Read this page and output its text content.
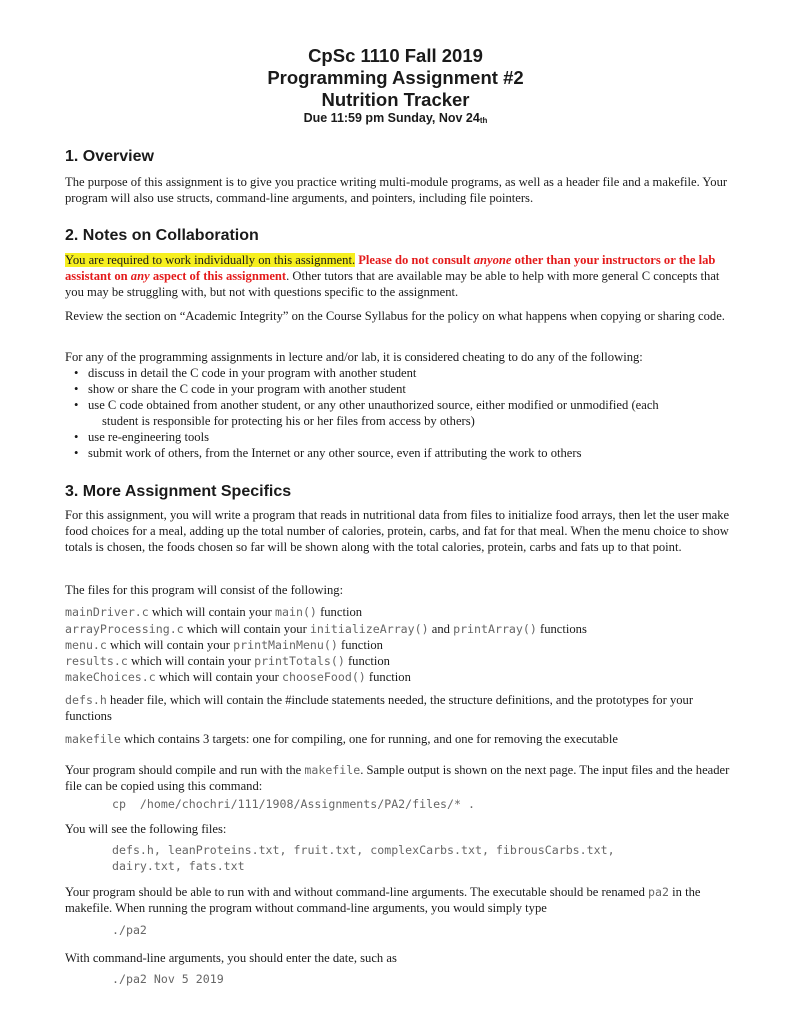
CpSc 1110 Fall 2019
Programming Assignment #2
Nutrition Tracker
Due 11:59 pm Sunday, Nov $24_{th}$
1. Overview
The purpose of this assignment is to give you practice writing multi-module programs, as well as a header file and a makefile. Your program will also use structs, command-line arguments, and pointers, including file pointers.
2. Notes on Collaboration
You are required to work individually on this assignment. Please do not consult anyone other than your instructors or the lab assistant on any aspect of this assignment. Other tutors that are available may be able to help with more general C concepts that you may be struggling with, but not with questions specific to the assignment.
Review the section on “Academic Integrity” on the Course Syllabus for the policy on what happens when copying or sharing code.
For any of the programming assignments in lecture and/or lab, it is considered cheating to do any of the following:
• discuss in detail the C code in your program with another student
• show or share the C code in your program with another student
• use C code obtained from another student, or any other unauthorized source, either modified or unmodified (each
student is responsible for protecting his or her files from access by others)
• use re-engineering tools
• submit work of others, from the Internet or any other source, even if attributing the work to others
3. More Assignment Specifics
For this assignment, you will write a program that reads in nutritional data from files to initialize food arrays, then let the user make food choices for a meal, adding up the total number of calories, protein, carbs, and fat for that meal. When the menu choice to show totals is chosen, the foods chosen so far will be shown along with the total calories, protein, carbs and fats up to that point.
The files for this program will consist of the following:
mainDriver.c which will contain your main() function
arrayProcessing.c which will contain your initializeArray() and printArray() functions
menu.c which will contain your printMainMenu() function
results.c which will contain your printTotals() function
makeChoices.c which will contain your chooseFood() function
defs.h header file, which will contain the #include statements needed, the structure definitions, and the prototypes for your functions
makefile which contains 3 targets: one for compiling, one for running, and one for removing the executable
Your program should compile and run with the makefile. Sample output is shown on the next page. The input files and the header file can be copied using this command:
cp  /home/chochri/111/1908/Assignments/PA2/files/* .
You will see the following files:
defs.h, leanProteins.txt, fruit.txt, complexCarbs.txt, fibrousCarbs.txt,
dairy.txt, fats.txt
Your program should be able to run with and without command-line arguments. The executable should be renamed pa2 in the makefile. When running the program without command-line arguments, you would simply type
./pa2
With command-line arguments, you should enter the date, such as
./pa2 Nov 5 2019
